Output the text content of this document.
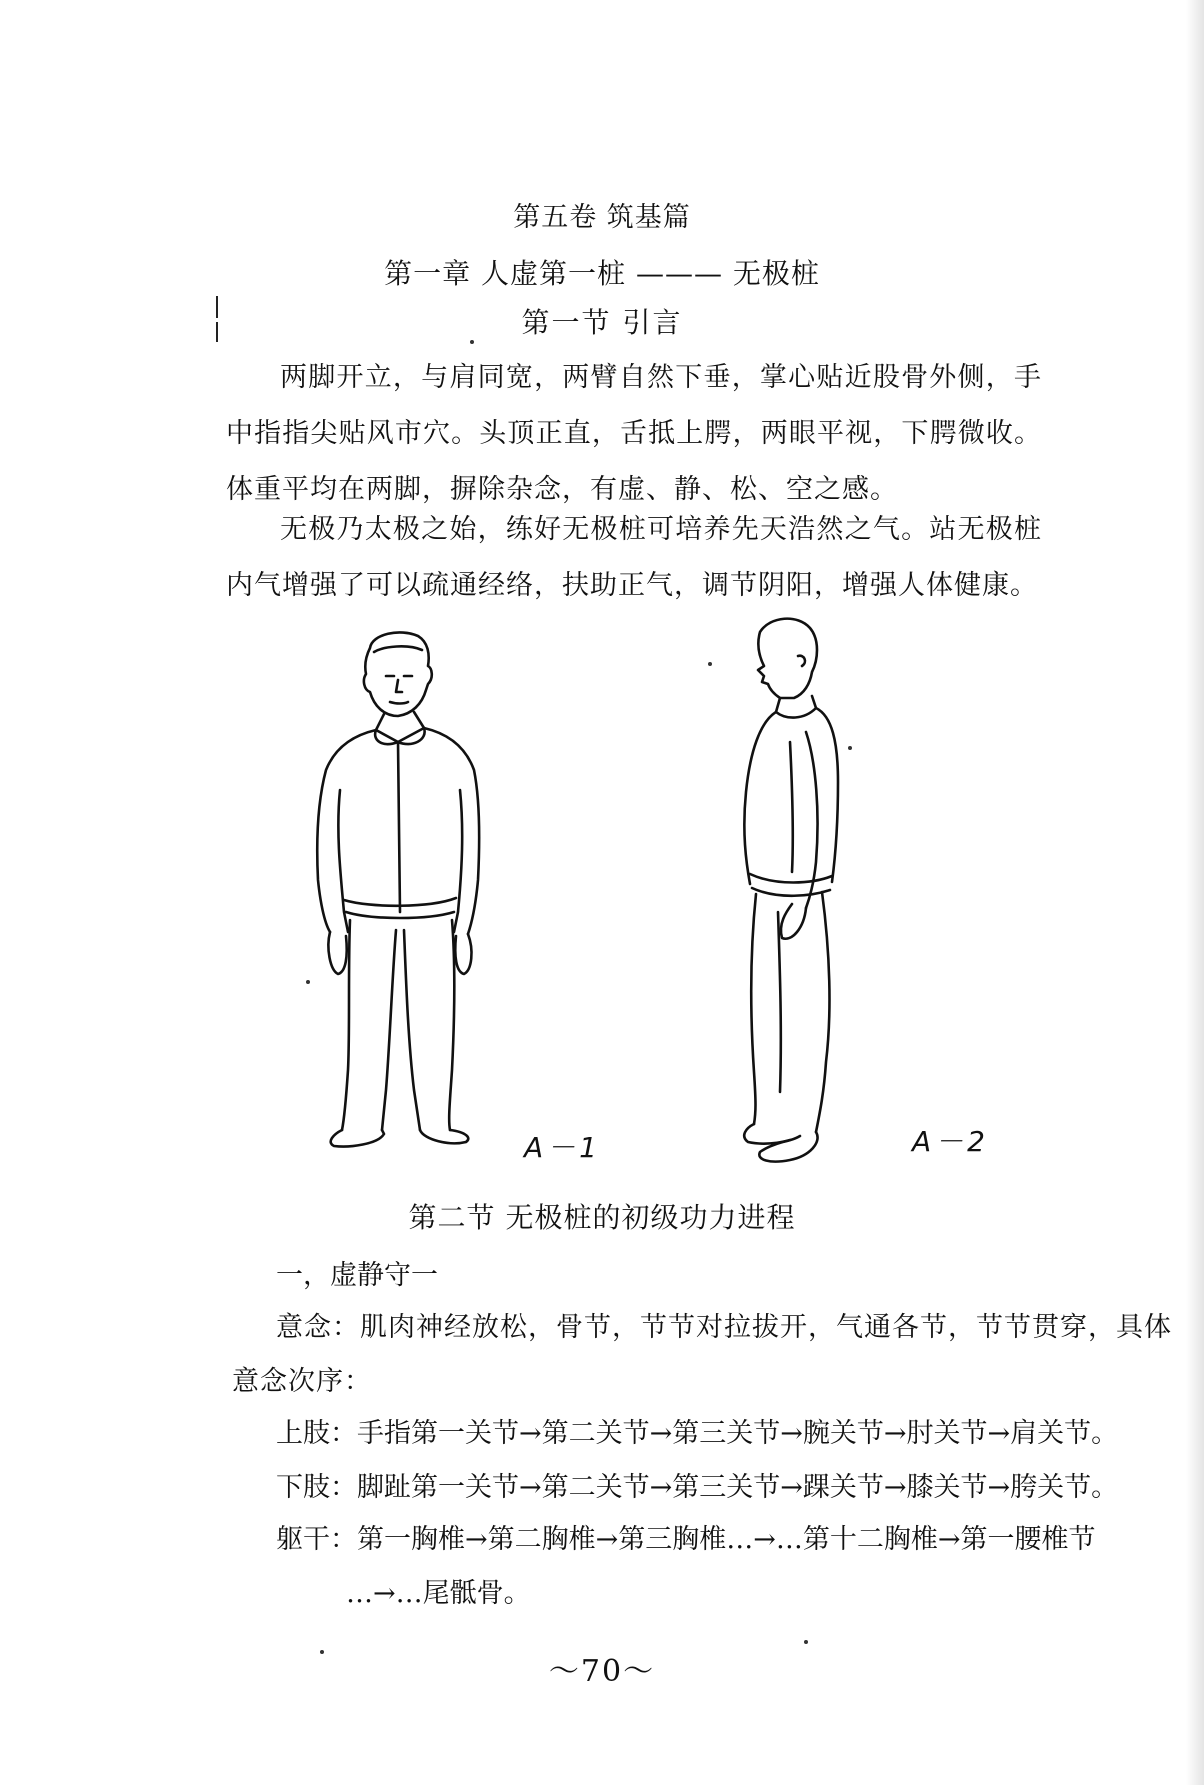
第五卷 筑基篇
第一章 人虚第一桩 ——— 无极桩
第一节 引言
两脚开立，与肩同宽，两臂自然下垂，掌心贴近股骨外侧，手中指指尖贴风市穴。头顶正直，舌抵上腭，两眼平视，下腭微收。体重平均在两脚，摒除杂念，有虚、静、松、空之感。
无极乃太极之始，练好无极桩可培养先天浩然之气。站无极桩内气增强了可以疏通经络，扶助正气，调节阴阳，增强人体健康。
A－1	A－2
第二节 无极桩的初级功力进程
一，虚静守一
意念：肌肉神经放松，骨节，节节对拉拔开，气通各节，节节贯穿，具体
意念次序：
上肢：手指第一关节→第二关节→第三关节→腕关节→肘关节→肩关节。
下肢：脚趾第一关节→第二关节→第三关节→踝关节→膝关节→胯关节。
躯干：第一胸椎→第二胸椎→第三胸椎…→…第十二胸椎→第一腰椎节
…→…尾骶骨。
～70～
